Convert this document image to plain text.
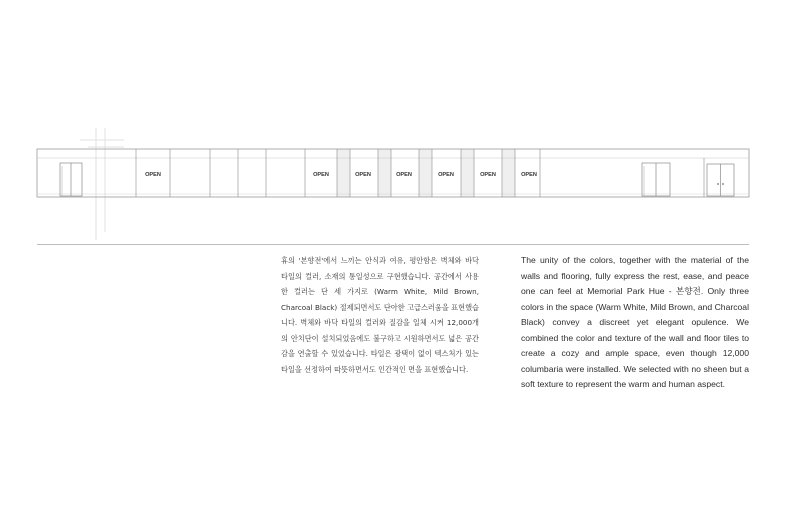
OPEN	OPEN	OPEN	OPEN	OPEN	OPEN	OPEN

휴의 '본향전'에서 느끼는 안식과 여유, 평안함은 벽체와 바닥 타일의 컬러, 소재의 통일성으로 구현했습니다. 공간에서 사용한 컬러는 단 세 가지로 (Warm White, Mild Brown, Charcoal Black) 절제되면서도 단아한 고급스러움을 표현했습니다. 벽체와 바닥 타일의 컬러와 질감을 일체 시켜 12,000개의 안치단이 설치되었음에도 불구하고 시원하면서도 넓은 공간감을 연출할 수 있었습니다. 타일은 광택이 없이 텍스처가 있는 타일을 선정하여 따뜻하면서도 인간적인 면을 표현했습니다.

The unity of the colors, together with the material of the walls and flooring, fully express the rest, ease, and peace one can feel at Memorial Park Hue - 본향전. Only three colors in the space (Warm White, Mild Brown, and Charcoal Black) convey a discreet yet elegant opulence. We combined the color and texture of the wall and floor tiles to create a cozy and ample space, even though 12,000 columbaria were installed. We selected with no sheen but a soft texture to represent the warm and human aspect.
